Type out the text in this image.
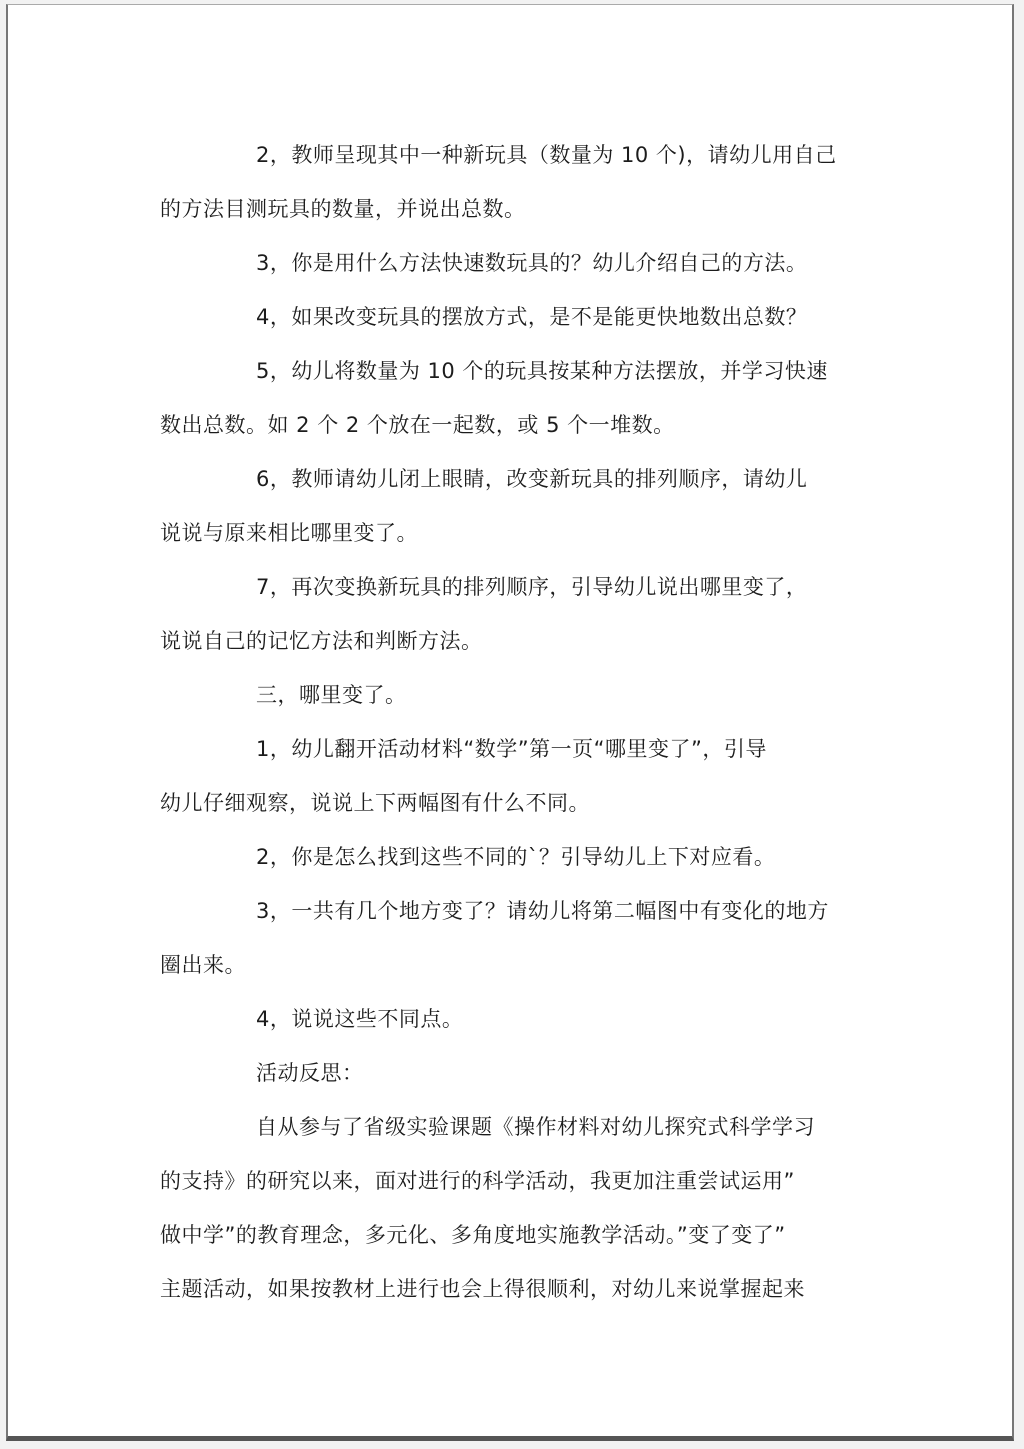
2，教师呈现其中一种新玩具（数量为 10 个)，请幼儿用自己
的方法目测玩具的数量，并说出总数。
3，你是用什么方法快速数玩具的？幼儿介绍自己的方法。
4，如果改变玩具的摆放方式，是不是能更快地数出总数？
5，幼儿将数量为 10 个的玩具按某种方法摆放，并学习快速
数出总数。如 2 个 2 个放在一起数，或 5 个一堆数。
6，教师请幼儿闭上眼睛，改变新玩具的排列顺序，请幼儿
说说与原来相比哪里变了。
7，再次变换新玩具的排列顺序，引导幼儿说出哪里变了，
说说自己的记忆方法和判断方法。
三，哪里变了。
1，幼儿翻开活动材料“数学”第一页“哪里变了”，引导
幼儿仔细观察，说说上下两幅图有什么不同。
2，你是怎么找到这些不同的`？引导幼儿上下对应看。
3，一共有几个地方变了？请幼儿将第二幅图中有变化的地方
圈出来。
4，说说这些不同点。
活动反思：
自从参与了省级实验课题《操作材料对幼儿探究式科学学习
的支持》的研究以来，面对进行的科学活动，我更加注重尝试运用”
做中学”的教育理念，多元化、多角度地实施教学活动。”变了变了”
主题活动，如果按教材上进行也会上得很顺利，对幼儿来说掌握起来
